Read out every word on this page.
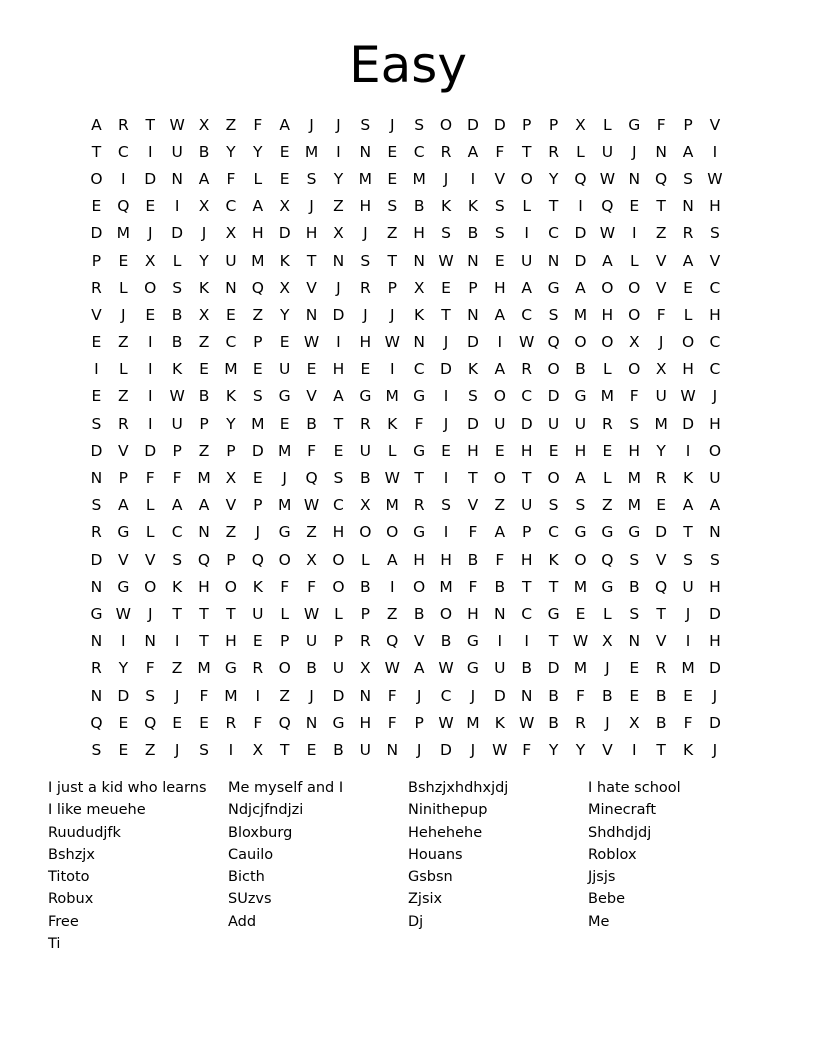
Easy
A	R	T W X	Z	F	A	J	J	S	J	S	O D D	P	P	X	L	G	F	P	V
T	C	I	U	B	Y	Y	E M	I	N	E	C	R	A	F	T	R	L	U	J	N	A	I
O	I	D N	A	F	L	E	S	Y M E M	J	I	V O	Y	Q W N Q	S W
E	Q	E	I	X	C	A	X	J	Z	H	S	B	K	K	S	L	T	I	Q	E	T	N H
D M	J	D	J	X	H D H	X	J	Z	H	S	B	S	I	C	D W	I	Z	R	S
P	E	X	L	Y	U M K	T	N	S	T	N W N	E	U N D	A	L	V	A	V
R	L	O	S	K	N Q X	V	J	R	P	X	E	P	H	A	G	A O O V	E	C
V	J	E	B	X	E	Z	Y	N D	J	J	K	T	N	A	C	S M H O	F	L	H
E	Z	I	B	Z	C	P	E W	I	H W N	J	D	I	W Q O O X	J	O C
I	L	I	K	E M E	U	E	H	E	I	C	D	K	A	R O B	L	O X	H	C
E	Z	I	W B	K	S	G	V	A	G M G	I	S	O C	D G M	F	U W	J
S	R	I	U	P	Y M E	B	T	R	K	F	J	D U D U	U	R	S M D H
D	V	D	P	Z	P	D M	F	E	U	L	G	E	H	E	H	E	H	E	H	Y	I	O
N	P	F	F	M X	E	J	Q	S	B W T	I	T	O	T	O A	L	M R	K	U
S	A	L	A	A	V	P	M W C	X M R	S	V	Z	U	S	S	Z M E	A	A
R	G	L	C	N	Z	J	G	Z	H O O G	I	F	A	P	C G G G D	T	N
D	V	V	S	Q	P	Q O X O	L	A	H H	B	F	H	K	O Q	S	V	S	S
N G O	K	H O	K	F	F	O B	I	O M	F	B	T	T M G	B Q U H
G W	J	T	T	T	U	L W L	P	Z	B O H N	C G	E	L	S	T	J	D
N	I	N	I	T	H	E	P	U	P	R Q V	B	G	I	I	T W X	N	V	I	H
R	Y	F	Z M G R O B	U	X W A W G U	B	D M	J	E	R M D
N D	S	J	F	M	I	Z	J	D N	F	J	C	J	D N	B	F	B	E	B	E	J
Q	E	Q	E	E	R	F	Q N G H	F	P W M K W B	R	J	X	B	F	D
S	E	Z	J	S	I	X	T	E	B	U N	J	D	J	W F	Y	Y	V	I	T	K	J
I just a kid who learns
I like meuehe
Ruududjfk
Bshzjx
Titoto
Robux
Free
Ti
Me myself and I
Ndjcjfndjzi
Bloxburg
Cauilo
Bicth
SUzvs
Add
Bshzjxhdhxjdj
Ninithepup
Hehehehe
Houans
Gsbsn
Zjsix
Dj
I hate school
Minecraft
Shdhdjdj
Roblox
Jjsjs
Bebe
Me
